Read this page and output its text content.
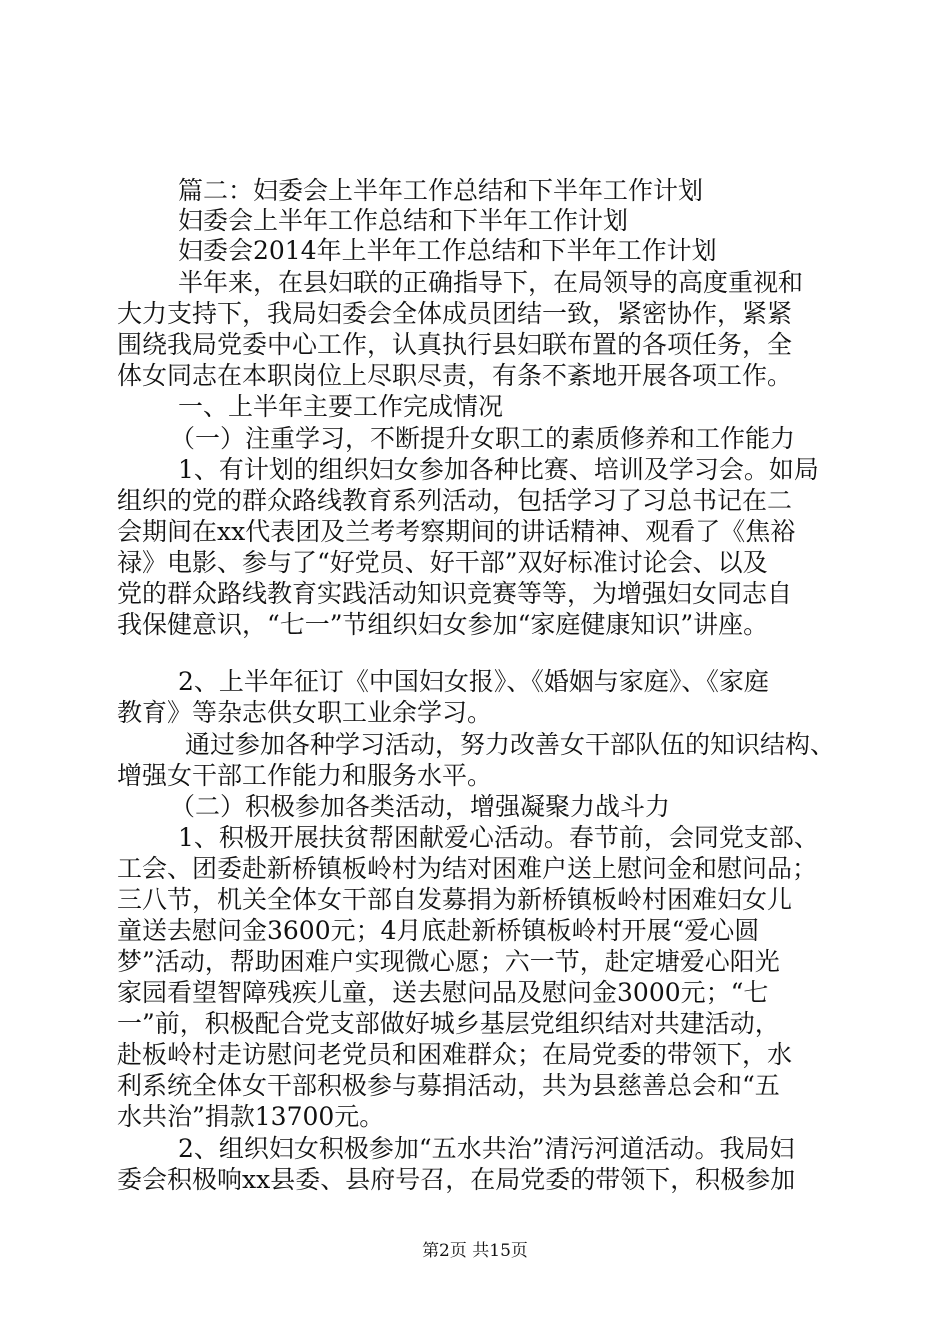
篇二：妇委会上半年工作总结和下半年工作计划
妇委会上半年工作总结和下半年工作计划
妇委会2014年上半年工作总结和下半年工作计划
半年来，在县妇联的正确指导下，在局领导的高度重视和
大力支持下，我局妇委会全体成员团结一致，紧密协作，紧紧
围绕我局党委中心工作，认真执行县妇联布置的各项任务，全
体女同志在本职岗位上尽职尽责，有条不紊地开展各项工作。
一、上半年主要工作完成情况
（一）注重学习，不断提升女职工的素质修养和工作能力
1、有计划的组织妇女参加各种比赛、培训及学习会。如局
组织的党的群众路线教育系列活动，包括学习了习总书记在二
会期间在xx代表团及兰考考察期间的讲话精神、观看了《焦裕
禄》电影、参与了“好党员、好干部”双好标准讨论会、以及
党的群众路线教育实践活动知识竞赛等等，为增强妇女同志自
我保健意识，“七一”节组织妇女参加“家庭健康知识”讲座。
2、上半年征订《中国妇女报》、《婚姻与家庭》、《家庭
教育》等杂志供女职工业余学习。
通过参加各种学习活动，努力改善女干部队伍的知识结构、
增强女干部工作能力和服务水平。
（二）积极参加各类活动，增强凝聚力战斗力
1、积极开展扶贫帮困献爱心活动。春节前，会同党支部、
工会、团委赴新桥镇板岭村为结对困难户送上慰问金和慰问品；
三八节，机关全体女干部自发募捐为新桥镇板岭村困难妇女儿
童送去慰问金3600元；4月底赴新桥镇板岭村开展“爱心圆
梦”活动，帮助困难户实现微心愿；六一节，赴定塘爱心阳光
家园看望智障残疾儿童，送去慰问品及慰问金3000元；“七
一”前，积极配合党支部做好城乡基层党组织结对共建活动，
赴板岭村走访慰问老党员和困难群众；在局党委的带领下，水
利系统全体女干部积极参与募捐活动，共为县慈善总会和“五
水共治”捐款13700元。
2、组织妇女积极参加“五水共治”清污河道活动。我局妇
委会积极响xx县委、县府号召，在局党委的带领下，积极参加
第2页 共15页
